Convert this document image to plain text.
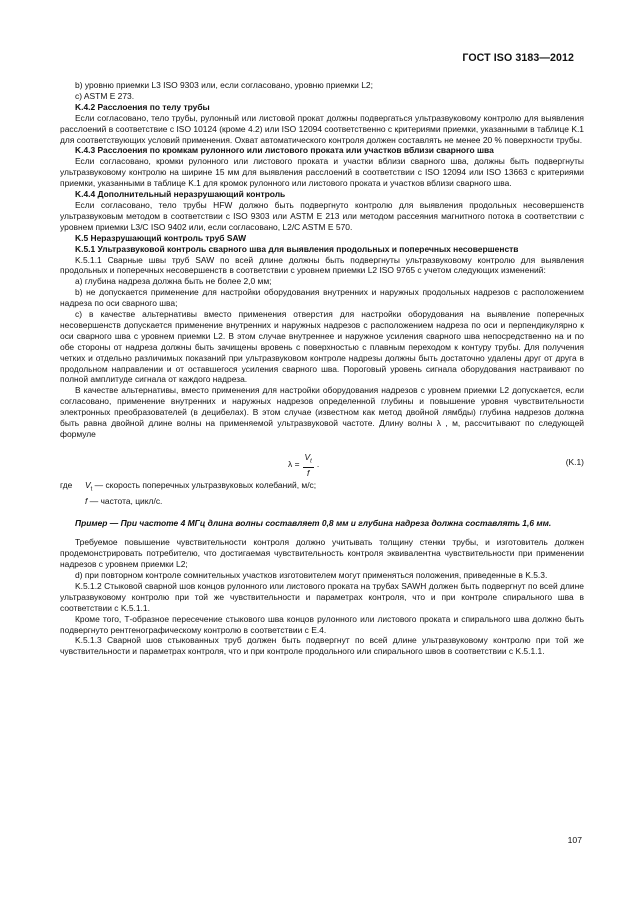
ГОСТ ISO 3183—2012

b) уровню приемки L3 ISO 9303 или, если согласовано, уровню приемки L2;

c) ASTM E 273.

K.4.2 Расслоения по телу трубы

Если согласовано, тело трубы, рулонный или листовой прокат должны подвергаться ультразвуковому контролю для выявления расслоений в соответствие с ISO 10124 (кроме 4.2) или ISO 12094 соответственно с критериями приемки, указанными в таблице K.1 для соответствующих условий применения. Охват автоматического контроля должен составлять не менее 20 % поверхности трубы.

K.4.3 Расслоения по кромкам рулонного или листового проката или участков вблизи сварного шва

Если согласовано, кромки рулонного или листового проката и участки вблизи сварного шва, должны быть подвергнуты ультразвуковому контролю на ширине 15 мм для выявления расслоений в соответствии с ISO 12094 или ISO 13663 с критериями приемки, указанными в таблице K.1 для кромок рулонного или листового проката и участков вблизи сварного шва.

K.4.4 Дополнительный неразрушающий контроль

Если согласовано, тело трубы HFW должно быть подвергнуто контролю для выявления продольных несовершенств ультразвуковым методом в соответствии с ISO 9303 или ASTM E 213 или методом рассеяния магнитного потока в соответствии с уровнем приемки L3/C ISO 9402 или, если согласовано, L2/C ASTM E 570.

K.5 Неразрушающий контроль труб SAW

K.5.1 Ультразвуковой контроль сварного шва для выявления продольных и поперечных несовершенств

K.5.1.1 Сварные швы труб SAW по всей длине должны быть подвергнуты ультразвуковому контролю для выявления продольных и поперечных несовершенств в соответствии с уровнем приемки L2 ISO 9765 с учетом следующих изменений:

a) глубина надреза должна быть не более 2,0 мм;

b) не допускается применение для настройки оборудования внутренних и наружных продольных надрезов с расположением надреза по оси сварного шва;

c) в качестве альтернативы вместо применения отверстия для настройки оборудования на выявление поперечных несовершенств допускается применение внутренних и наружных надрезов с расположением надреза по оси и перпендикулярно к оси сварного шва с уровнем приемки L2. В этом случае внутреннее и наружное усиления сварного шва непосредственно на и по обе стороны от надреза должны быть зачищены вровень с поверхностью с плавным переходом к контуру трубы. Для получения четких и отдельно различимых показаний при ультразвуковом контроле надрезы должны быть достаточно удалены друг от друга в продольном направлении и от оставшегося усиления сварного шва. Пороговый уровень сигнала оборудования настраивают по полной амплитуде сигнала от каждого надреза.

В качестве альтернативы, вместо применения для настройки оборудования надрезов с уровнем приемки L2 допускается, если согласовано, применение внутренних и наружных надрезов определенной глубины и повышение уровня чувствительности электронных преобразователей (в децибелах). В этом случае (известном как метод двойной лямбды) глубина надрезов должна быть равна двойной длине волны на применяемой ультразвуковой частоте. Длину волны λ , м, рассчитывают по следующей формуле

$\lambda = \frac{V_t}{f}$ .	(K.1)
где	$V_t$ — скорость поперечных ультразвуковых колебаний, м/с;
f — частота, цикл/с.

Пример — При частоте 4 МГц длина волны составляет 0,8 мм и глубина надреза должна составлять 1,6 мм.

Требуемое повышение чувствительности контроля должно учитывать толщину стенки трубы, и изготовитель должен продемонстрировать потребителю, что достигаемая чувствительность контроля эквивалентна чувствительности при применении надрезов с уровнем приемки L2;

d) при повторном контроле сомнительных участков изготовителем могут применяться положения, приведенные в K.5.3.

K.5.1.2 Стыковой сварной шов концов рулонного или листового проката на трубах SAWH должен быть подвергнут по всей длине ультразвуковому контролю при той же чувствительности и параметрах контроля, что и при контроле спирального шва в соответствии с K.5.1.1.

Кроме того, Т-образное пересечение стыкового шва концов рулонного или листового проката и спирального шва должно быть подвергнуто рентгенографическому контролю в соответствии с E.4.

K.5.1.3 Сварной шов стыкованных труб должен быть подвергнут по всей длине ультразвуковому контролю при той же чувствительности и параметрах контроля, что и при контроле продольного или спирального швов в соответствии с K.5.1.1.

107
